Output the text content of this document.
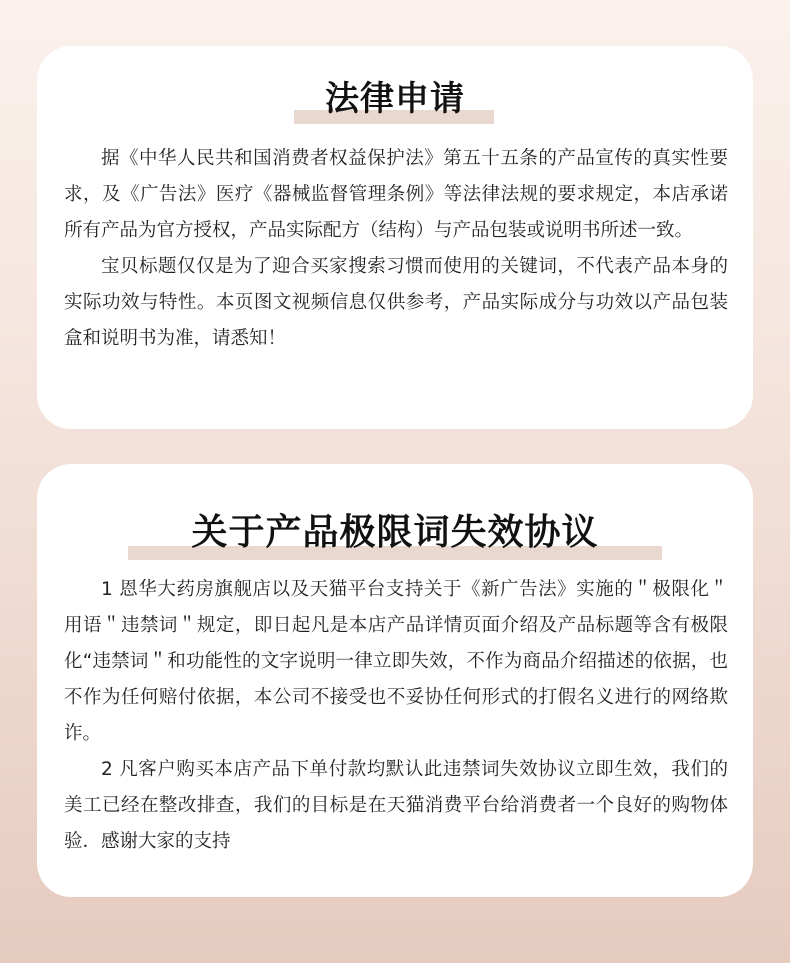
法律申请

据《中华人民共和国消费者权益保护法》第五十五条的产品宣传的真实性要求，及《广告法》医疗《器械监督管理条例》等法律法规的要求规定，本店承诺所有产品为官方授权，产品实际配方（结构）与产品包装或说明书所述一致。

宝贝标题仅仅是为了迎合买家搜索习惯而使用的关键词，不代表产品本身的实际功效与特性。本页图文视频信息仅供参考，产品实际成分与功效以产品包装盒和说明书为准，请悉知！

关于产品极限词失效协议

1 恩华大药房旗舰店以及天猫平台支持关于《新广告法》实施的＂极限化＂用语＂违禁词＂规定，即日起凡是本店产品详情页面介绍及产品标题等含有极限化“违禁词＂和功能性的文字说明一律立即失效，不作为商品介绍描述的依据，也不作为任何赔付依据，本公司不接受也不妥协任何形式的打假名义进行的网络欺诈。

2 凡客户购买本店产品下单付款均默认此违禁词失效协议立即生效，我们的美工已经在整改排查，我们的目标是在天猫消费平台给消费者一个良好的购物体验．感谢大家的支持
